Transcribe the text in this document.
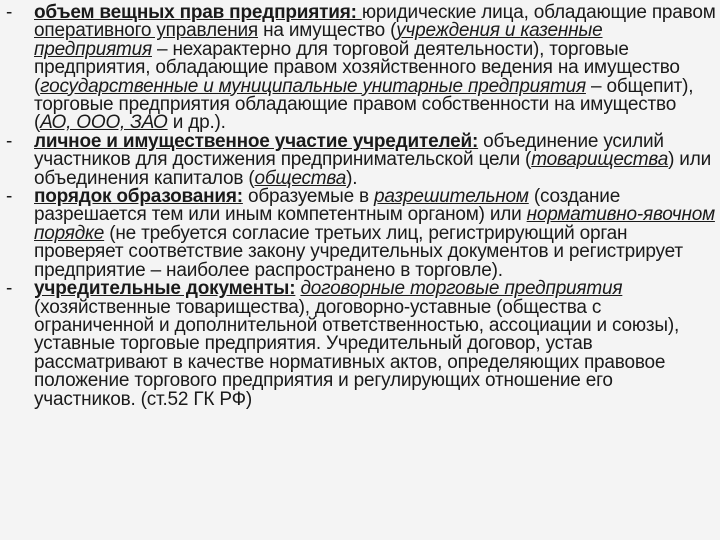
- объем вещных прав предприятия: юридические лица, обладающие правом оперативного управления на имущество (учреждения и казенные предприятия – нехарактерно для торговой деятельности), торговые предприятия, обладающие правом хозяйственного ведения на имущество (государственные и муниципальные унитарные предприятия – общепит), торговые предприятия обладающие правом собственности на имущество (АО, ООО, ЗАО и др.).
- личное и имущественное участие учредителей: объединение усилий участников для достижения предпринимательской цели (товарищества) или объединения капиталов (общества).
- порядок образования: образуемые в разрешительном (создание разрешается тем или иным компетентным органом) или нормативно-явочном порядке (не требуется согласие третьих лиц, регистрирующий орган проверяет соответствие закону учредительных документов и регистрирует предприятие – наиболее распространено в торговле).
- учредительные документы: договорные торговые предприятия (хозяйственные товарищества), договорно-уставные (общества с ограниченной и дополнительной ответственностью, ассоциации и союзы), уставные торговые предприятия. Учредительный договор, устав рассматривают в качестве нормативных актов, определяющих правовое положение торгового предприятия и регулирующих отношение его участников. (ст.52 ГК РФ)
